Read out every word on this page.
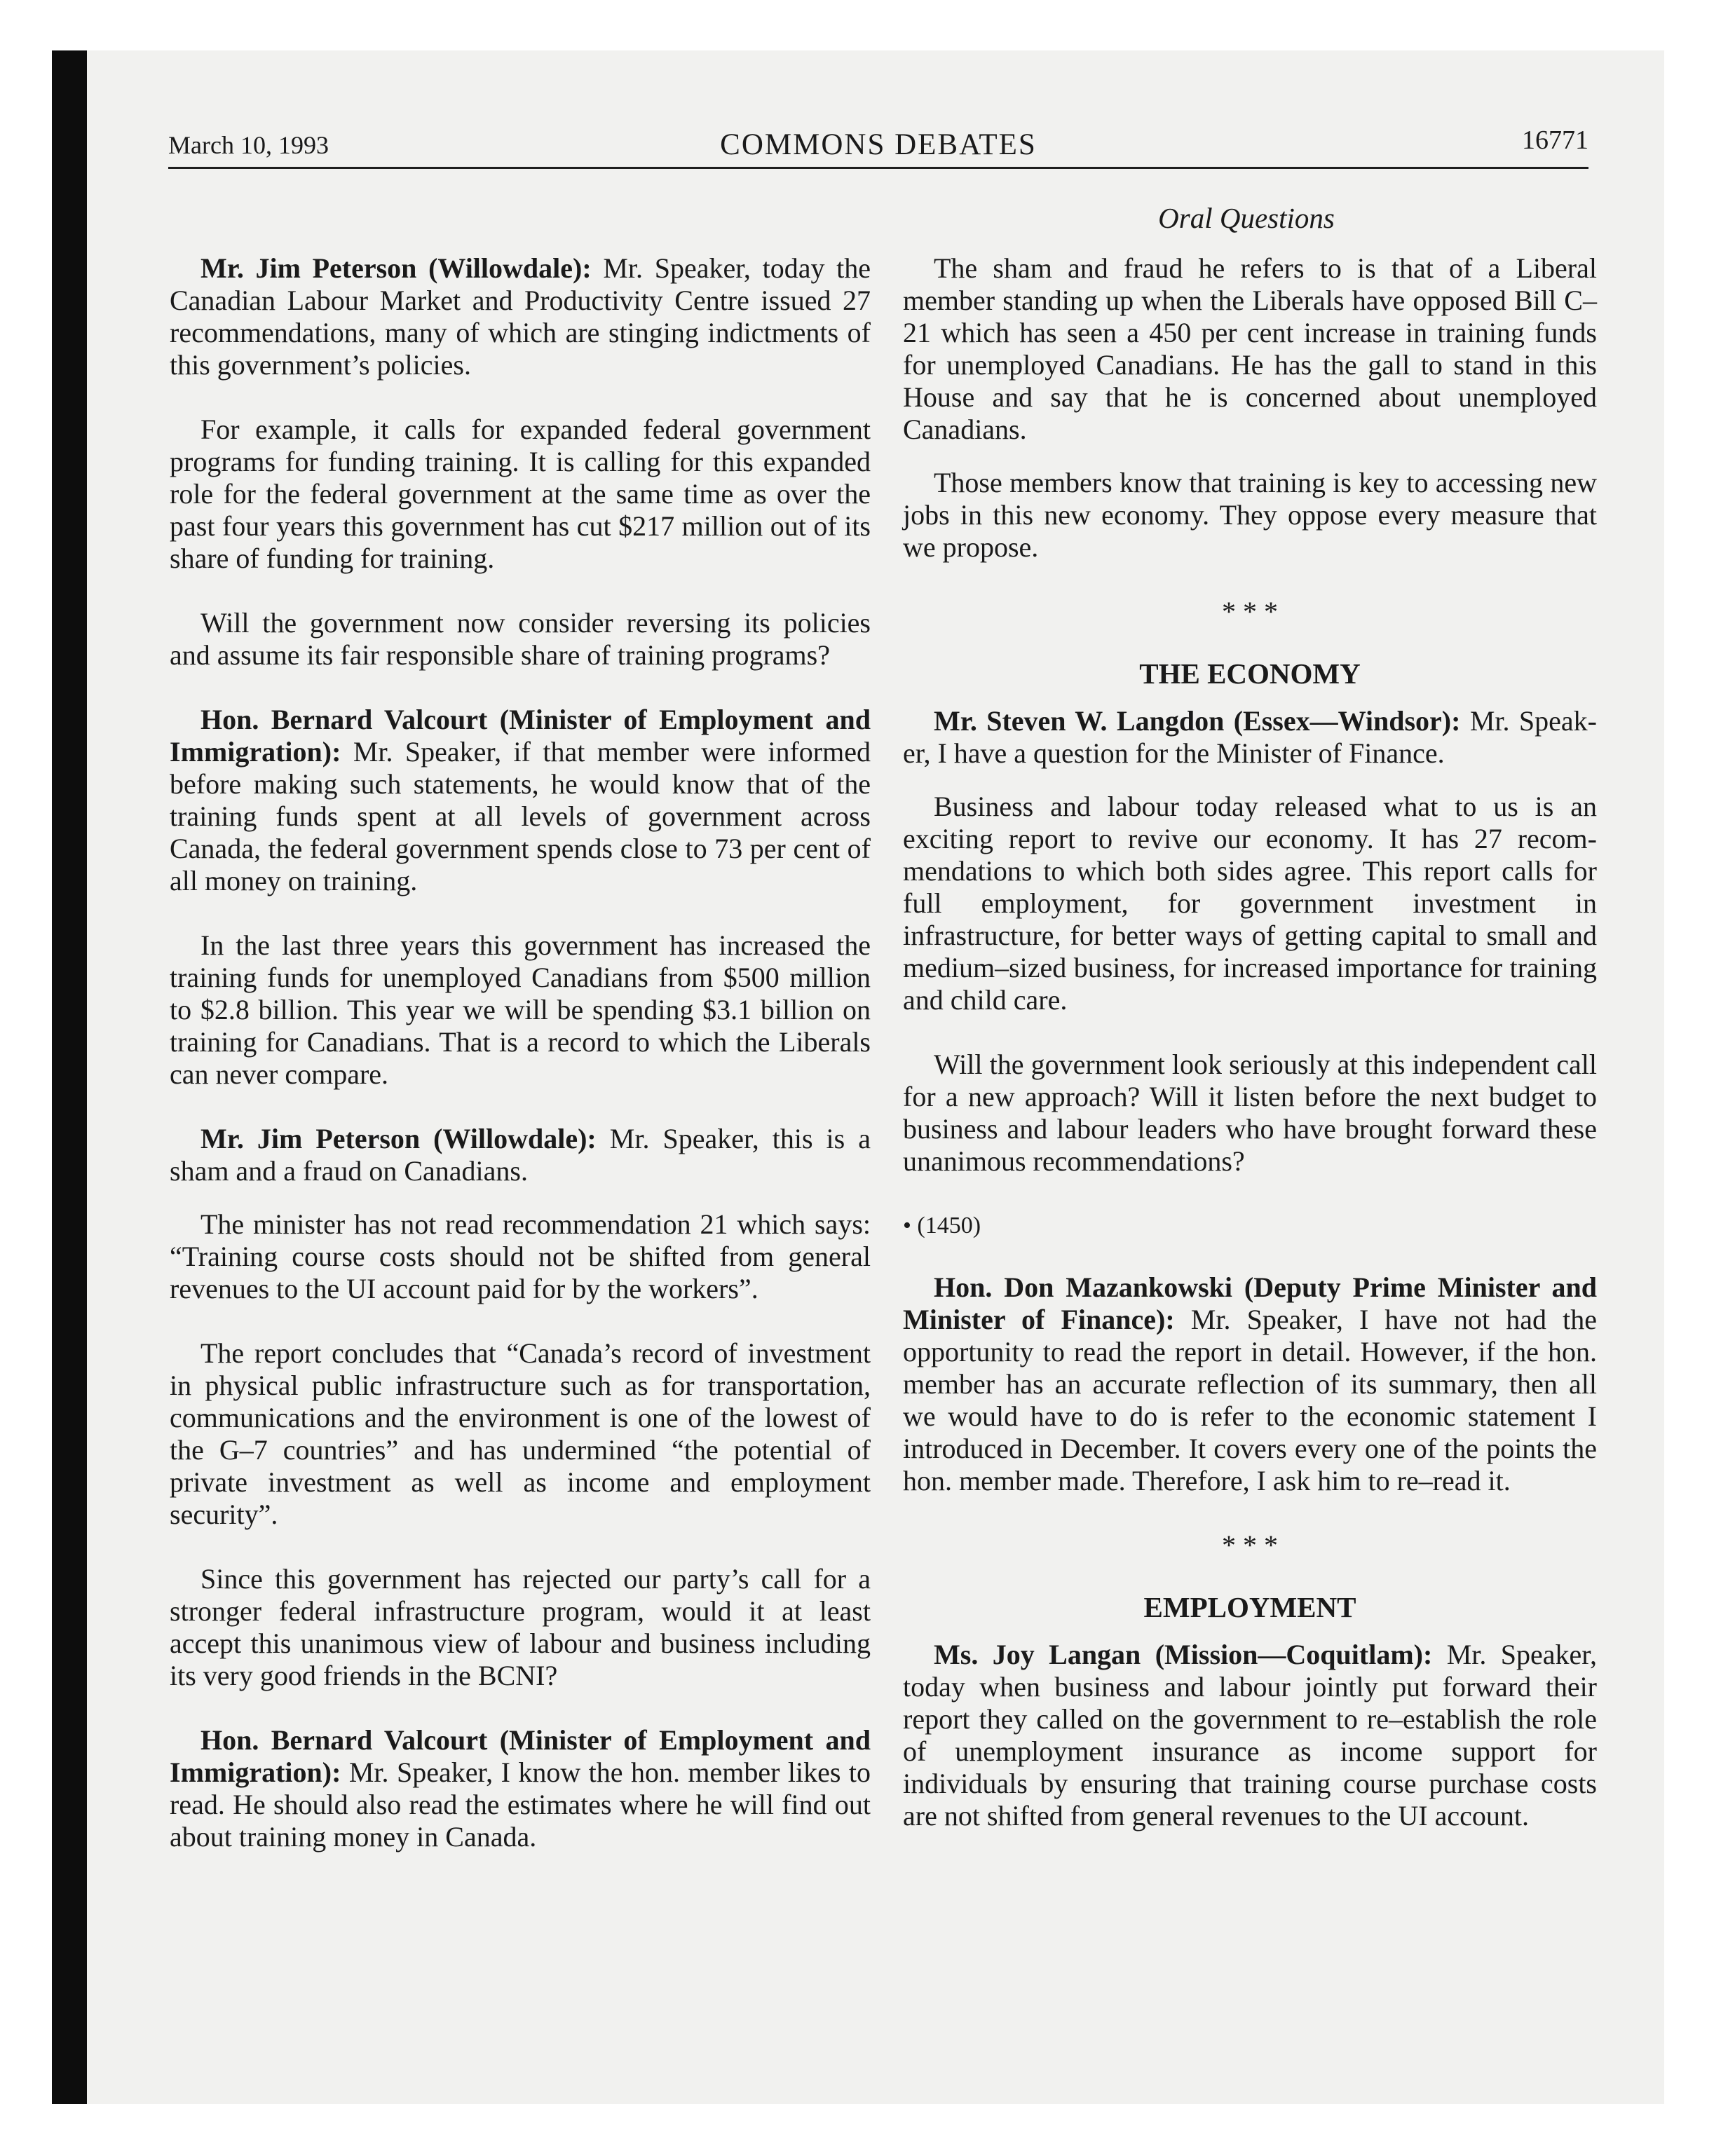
March 10, 1993	COMMONS DEBATES	16771
Oral Questions

Mr. Jim Peterson (Willowdale): Mr. Speaker, today the Canadian Labour Market and Productivity Centre issued 27 recommendations, many of which are stinging indictments of this government’s policies.

For example, it calls for expanded federal government programs for funding training. It is calling for this expanded role for the federal government at the same time as over the past four years this government has cut $217 million out of its share of funding for training.

Will the government now consider reversing its policies and assume its fair responsible share of training programs?

Hon. Bernard Valcourt (Minister of Employment and Immigration): Mr. Speaker, if that member were informed before making such statements, he would know that of the training funds spent at all levels of government across Canada, the federal government spends close to 73 per cent of all money on training.

In the last three years this government has increased the training funds for unemployed Canadians from $500 million to $2.8 billion. This year we will be spending $3.1 billion on training for Canadians. That is a record to which the Liberals can never compare.

Mr. Jim Peterson (Willowdale): Mr. Speaker, this is a sham and a fraud on Canadians.

The minister has not read recommendation 21 which says: “Training course costs should not be shifted from general revenues to the UI account paid for by the workers”.

The report concludes that “Canada’s record of investment in physical public infrastructure such as for transportation, communications and the environment is one of the lowest of the G–7 countries” and has undermined “the potential of private investment as well as income and employment security”.

Since this government has rejected our party’s call for a stronger federal infrastructure program, would it at least accept this unanimous view of labour and business including its very good friends in the BCNI?

Hon. Bernard Valcourt (Minister of Employment and Immigration): Mr. Speaker, I know the hon. member likes to read. He should also read the estimates where he will find out about training money in Canada.

The sham and fraud he refers to is that of a Liberal member standing up when the Liberals have opposed Bill C–21 which has seen a 450 per cent increase in training funds for unemployed Canadians. He has the gall to stand in this House and say that he is concerned about unemployed Canadians.

Those members know that training is key to accessing new jobs in this new economy. They oppose every measure that we propose.

* * *
THE ECONOMY

Mr. Steven W. Langdon (Essex—Windsor): Mr. Speaker, I have a question for the Minister of Finance.

Business and labour today released what to us is an exciting report to revive our economy. It has 27 recommendations to which both sides agree. This report calls for full employment, for government investment in infrastructure, for better ways of getting capital to small and medium–sized business, for increased importance for training and child care.

Will the government look seriously at this independent call for a new approach? Will it listen before the next budget to business and labour leaders who have brought forward these unanimous recommendations?

• (1450)

Hon. Don Mazankowski (Deputy Prime Minister and Minister of Finance): Mr. Speaker, I have not had the opportunity to read the report in detail. However, if the hon. member has an accurate reflection of its summary, then all we would have to do is refer to the economic statement I introduced in December. It covers every one of the points the hon. member made. Therefore, I ask him to re–read it.

* * *
EMPLOYMENT

Ms. Joy Langan (Mission—Coquitlam): Mr. Speaker, today when business and labour jointly put forward their report they called on the government to re–establish the role of unemployment insurance as income support for individuals by ensuring that training course purchase costs are not shifted from general revenues to the UI account.
